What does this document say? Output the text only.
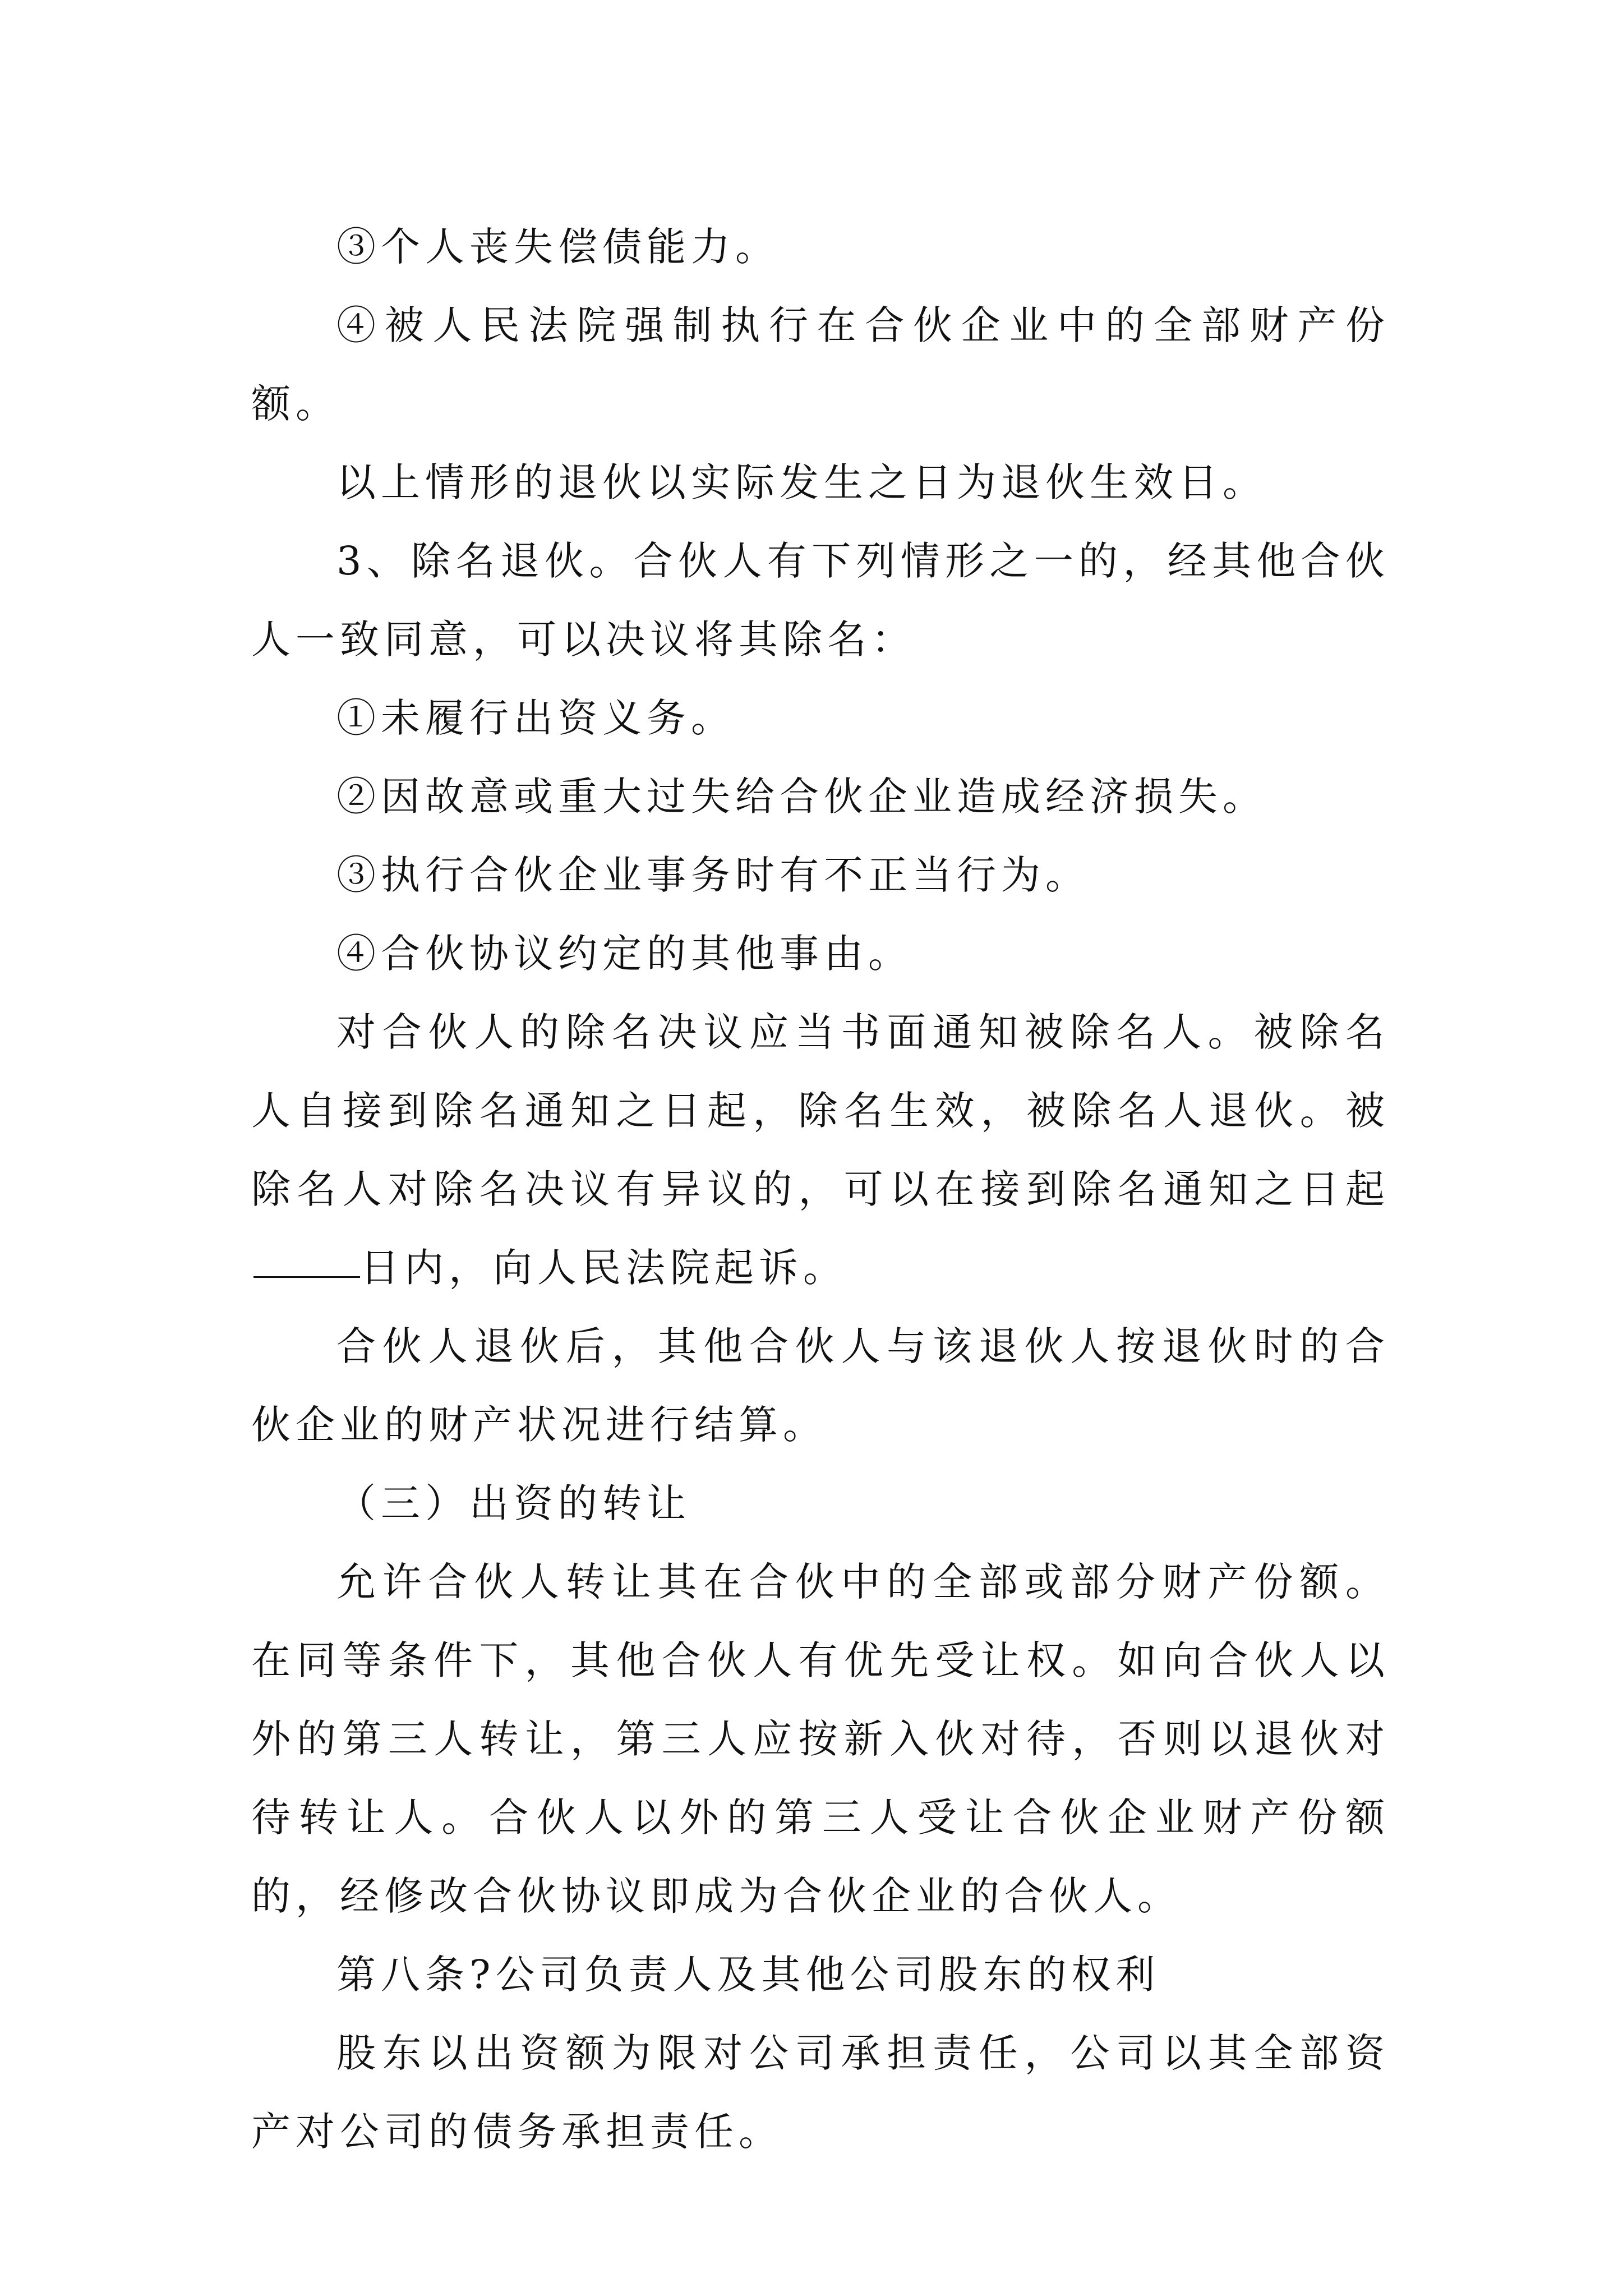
③个人丧失偿债能力。

④被人民法院强制执行在合伙企业中的全部财产份额。

以上情形的退伙以实际发生之日为退伙生效日。

3、除名退伙。合伙人有下列情形之一的，经其他合伙人一致同意，可以决议将其除名：

①未履行出资义务。

②因故意或重大过失给合伙企业造成经济损失。

③执行合伙企业事务时有不正当行为。

④合伙协议约定的其他事由。

对合伙人的除名决议应当书面通知被除名人。被除名人自接到除名通知之日起，除名生效，被除名人退伙。被除名人对除名决议有异议的，可以在接到除名通知之日起日内，向人民法院起诉。

合伙人退伙后，其他合伙人与该退伙人按退伙时的合伙企业的财产状况进行结算。

（三）出资的转让

允许合伙人转让其在合伙中的全部或部分财产份额。在同等条件下，其他合伙人有优先受让权。如向合伙人以外的第三人转让，第三人应按新入伙对待，否则以退伙对待转让人。合伙人以外的第三人受让合伙企业财产份额的，经修改合伙协议即成为合伙企业的合伙人。

第八条?公司负责人及其他公司股东的权利

股东以出资额为限对公司承担责任，公司以其全部资产对公司的债务承担责任。
